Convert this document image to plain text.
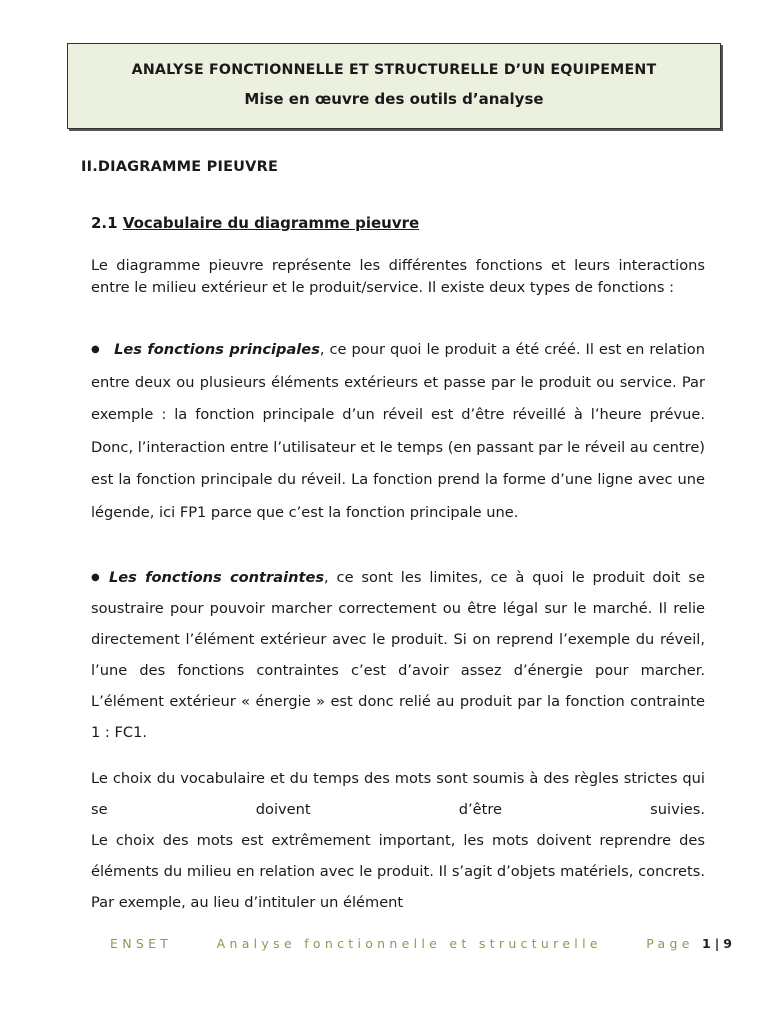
ANALYSE FONCTIONNELLE ET STRUCTURELLE D’UN EQUIPEMENT
Mise en œuvre des outils d’analyse
II.DIAGRAMME PIEUVRE
2.1 Vocabulaire du diagramme pieuvre

Le diagramme pieuvre représente les différentes fonctions et leurs interactions entre le milieu extérieur et le produit/service. Il existe deux types de fonctions :

● Les fonctions principales, ce pour quoi le produit a été créé. Il est en relation entre deux ou plusieurs éléments extérieurs et passe par le produit ou service. Par exemple : la fonction principale d’un réveil est d’être réveillé à l’heure prévue. Donc, l’interaction entre l’utilisateur et le temps (en passant par le réveil au centre) est la fonction principale du réveil. La fonction prend la forme d’une ligne avec une légende, ici FP1 parce que c’est la fonction principale une.

● Les fonctions contraintes, ce sont les limites, ce à quoi le produit doit se soustraire pour pouvoir marcher correctement ou être légal sur le marché. Il relie directement l’élément extérieur avec le produit. Si on reprend l’exemple du réveil, l’une des fonctions contraintes c’est d’avoir assez d’énergie pour marcher. L’élément extérieur « énergie » est donc relié au produit par la fonction contrainte 1 : FC1.

Le choix du vocabulaire et du temps des mots sont soumis à des règles strictes qui se doivent d’être suivies.

Le choix des mots est extrêmement important, les mots doivent reprendre des éléments du milieu en relation avec le produit. Il s’agit d’objets matériels, concrets. Par exemple, au lieu d’intituler un élément

ENSET	Analyse fonctionnelle et structurelle	Page 1 | 9
